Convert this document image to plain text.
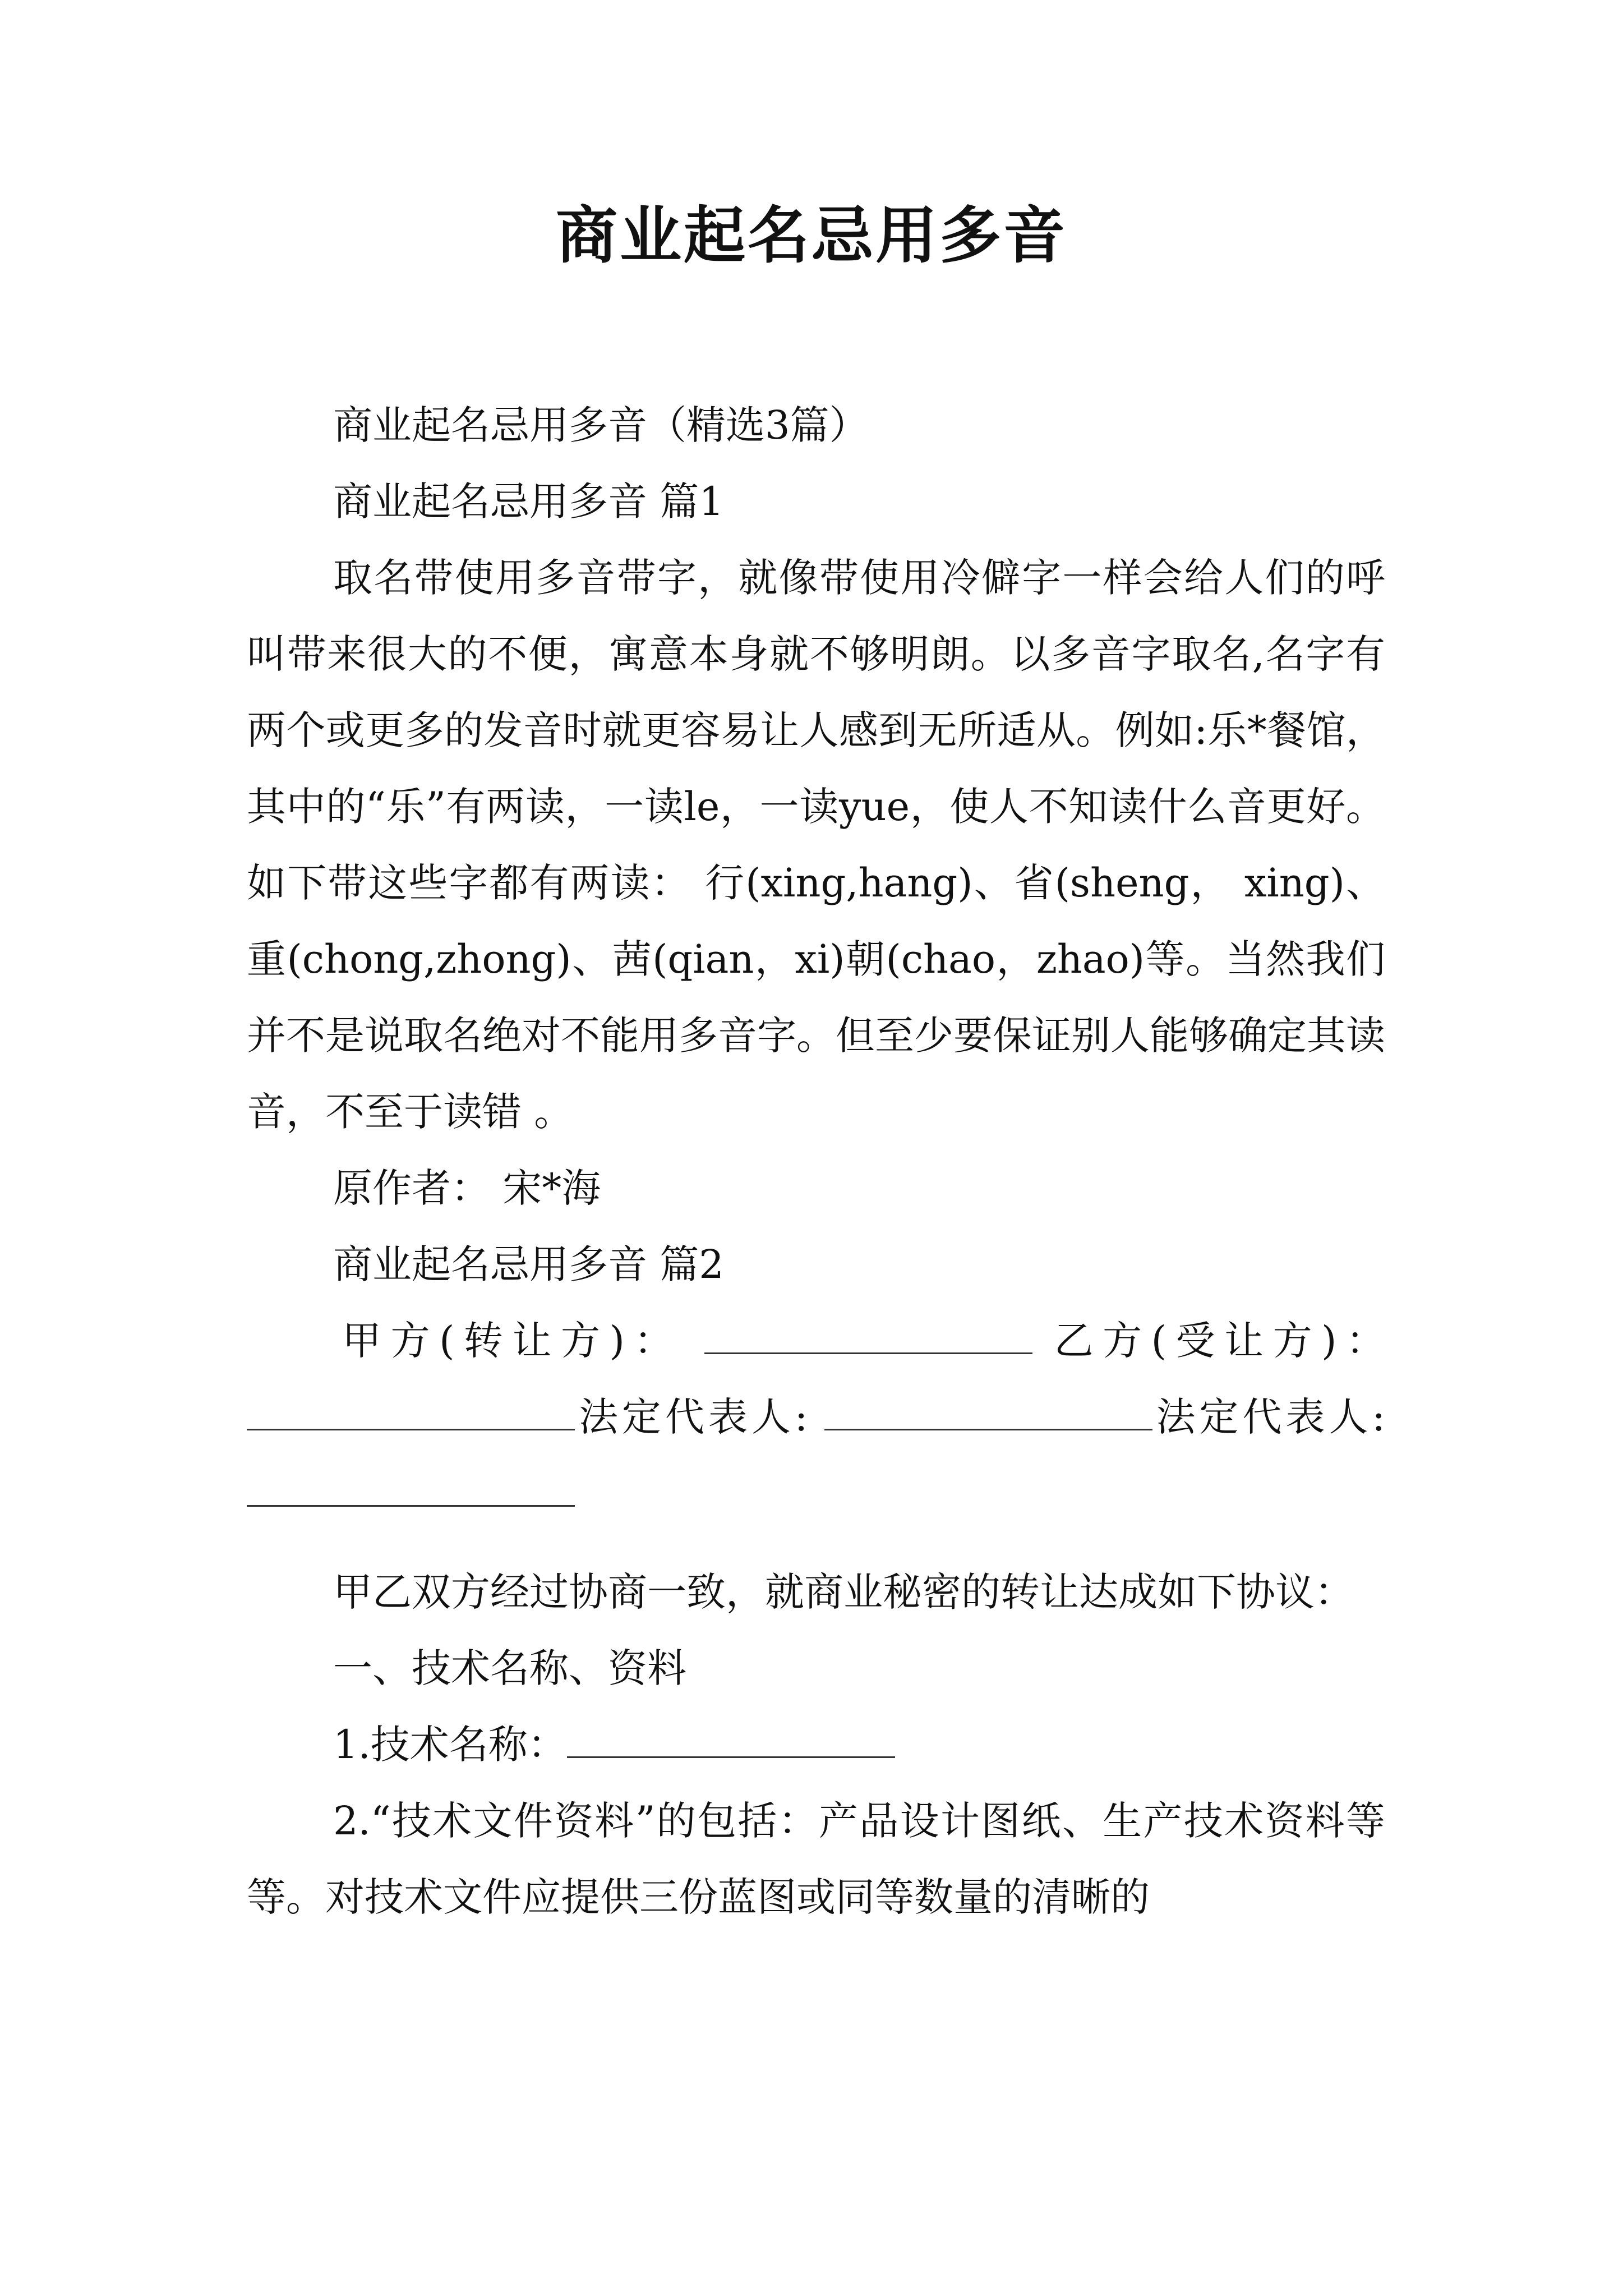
商业起名忌用多音

商业起名忌用多音（精选3篇）

商业起名忌用多音 篇1

取名带使用多音带字，就像带使用冷僻字一样会给人们的呼叫带来很大的不便，寓意本身就不够明朗。以多音字取名,名字有两个或更多的发音时就更容易让人感到无所适从。例如:乐*餐馆，其中的“乐”有两读，一读le，一读yue，使人不知读什么音更好。如下带这些字都有两读： 行(xing,hang)、省(sheng， xing)、重(chong,zhong)、茜(qian，xi)朝(chao，zhao)等。当然我们并不是说取名绝对不能用多音字。但至少要保证别人能够确定其读音，不至于读错 。

原作者： 宋*海

商业起名忌用多音 篇2

甲方(转让方)：	乙方(受让方)： 法定代表人:	法定代表人:

甲乙双方经过协商一致，就商业秘密的转让达成如下协议：

一、技术名称、资料

1.技术名称：

2.“技术文件资料”的包括：产品设计图纸、生产技术资料等等。对技术文件应提供三份蓝图或同等数量的清晰的
